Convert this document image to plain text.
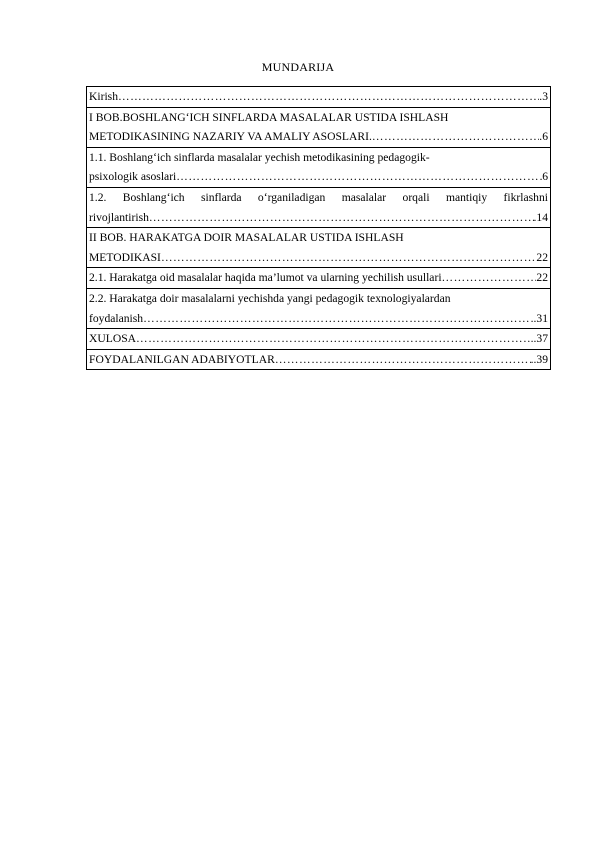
MUNDARIJA
Kirish …………………………………………………………………………………………………………………………………………………………………	.3

I BOB.BOSHLANG‘ICH SINFLARDA MASALALAR USTIDA ISHLASH
METODIKASINING NAZARIY VA AMALIY ASOSLARI. …………………………………………………………………………………………………………………………………………………………………	.6

1.1. Boshlang‘ich sinflarda masalalar yechish metodikasining pedagogik-
psixologik asoslari …………………………………………………………………………………………………………………………………………………………………	6

1.2. Boshlang‘ich sinflarda o‘rganiladigan masalalar orqali mantiqiy fikrlashni
rivojlantirish …………………………………………………………………………………………………………………………………………………………………	.14

II BOB. HARAKATGA DOIR MASALALAR USTIDA ISHLASH
METODIKASI …………………………………………………………………………………………………………………………………………………………………	22

2.1. Harakatga oid masalalar haqida ma’lumot va ularning yechilish usullari …………………………………………………………………………………………………………………………………………………………………	22

2.2. Harakatga doir masalalarni yechishda yangi pedagogik texnologiyalardan
foydalanish …………………………………………………………………………………………………………………………………………………………………	..31

XULOSA …………………………………………………………………………………………………………………………………………………………………	..37

FOYDALANILGAN ADABIYOTLAR …………………………………………………………………………………………………………………………………………………………………	..39
